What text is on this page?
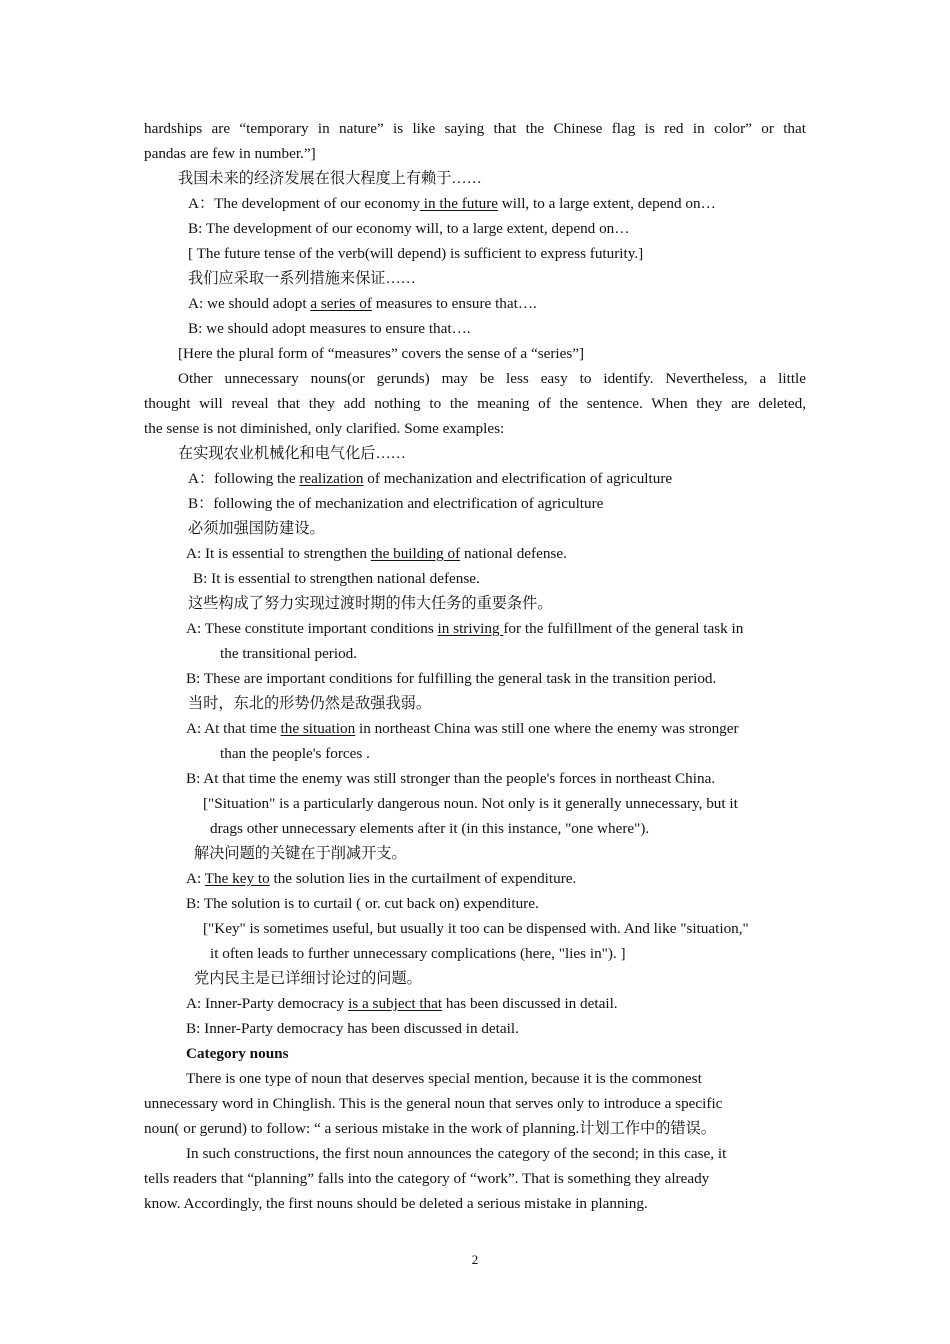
hardships are “temporary in nature” is like saying that the Chinese flag is red in color” or that
pandas are few in number.”]
我国未来的经济发展在很大程度上有赖于……
A：The development of our economy in the future will, to a large extent, depend on…
B: The development of our economy will, to a large extent, depend on…
[ The future tense of the verb(will depend) is sufficient to express futurity.]
我们应采取一系列措施来保证……
A: we should adopt a series of measures to ensure that….
B: we should adopt measures to ensure that….
[Here the plural form of “measures” covers the sense of a “series”]
Other unnecessary nouns(or gerunds) may be less easy to identify. Nevertheless, a little
thought will reveal that they add nothing to the meaning of the sentence. When they are deleted,
the sense is not diminished, only clarified. Some examples:
在实现农业机械化和电气化后……
A：following the realization of mechanization and electrification of agriculture
B：following the of mechanization and electrification of agriculture
必须加强国防建设。
A: It is essential to strengthen the building of national defense.
B: It is essential to strengthen national defense.
这些构成了努力实现过渡时期的伟大任务的重要条件。
A: These constitute important conditions in striving for the fulfillment of the general task in
the transitional period.
B: These are important conditions for fulfilling the general task in the transition period.
当时，东北的形势仍然是敌强我弱。
A: At that time the situation in northeast China was still one where the enemy was stronger
than the people's forces .
B: At that time the enemy was still stronger than the people's forces in northeast China.
["Situation" is a particularly dangerous noun. Not only is it generally unnecessary, but it
drags other unnecessary elements after it (in this instance, "one where").
解决问题的关键在于削减开支。
A: The key to the solution lies in the curtailment of expenditure.
B: The solution is to curtail ( or. cut back on) expenditure.
["Key" is sometimes useful, but usually it too can be dispensed with. And like "situation,"
it often leads to further unnecessary complications (here, "lies in"). ]
党内民主是已详细讨论过的问题。
A: Inner-Party democracy is a subject that has been discussed in detail.
B: Inner-Party democracy has been discussed in detail.
Category nouns
There is one type of noun that deserves special mention, because it is the commonest
unnecessary word in Chinglish. This is the general noun that serves only to introduce a specific
noun( or gerund) to follow: “ a serious mistake in the work of planning.计划工作中的错误。
In such constructions, the first noun announces the category of the second; in this case, it
tells readers that “planning” falls into the category of “work”. That is something they already
know. Accordingly, the first nouns should be deleted a serious mistake in planning.
2
